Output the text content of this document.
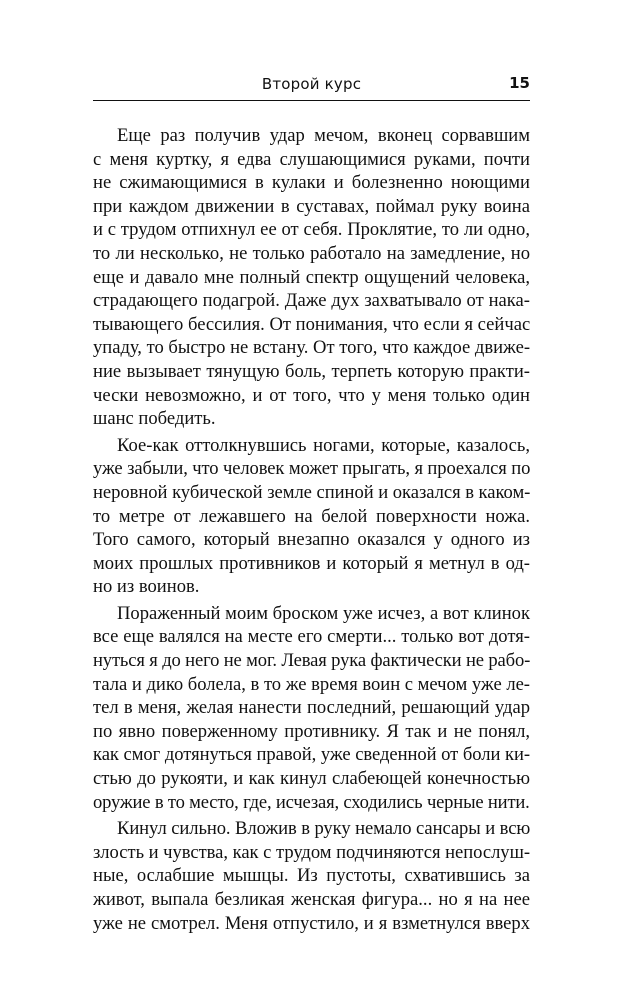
Второй курс	15
Еще раз получив удар мечом, вконец сорвавшим
с меня куртку, я едва слушающимися руками, почти
не сжимающимися в кулаки и болезненно ноющими
при каждом движении в суставах, поймал руку воина
и с трудом отпихнул ее от себя. Проклятие, то ли одно,
то ли несколько, не только работало на замедление, но
еще и давало мне полный спектр ощущений человека,
страдающего подагрой. Даже дух захватывало от нака-
тывающего бессилия. От понимания, что если я сейчас
упаду, то быстро не встану. От того, что каждое движе-
ние вызывает тянущую боль, терпеть которую практи-
чески невозможно, и от того, что у меня только один
шанс победить.
Кое-как оттолкнувшись ногами, которые, казалось,
уже забыли, что человек может прыгать, я проехался по
неровной кубической земле спиной и оказался в каком-
то метре от лежавшего на белой поверхности ножа.
Того самого, который внезапно оказался у одного из
моих прошлых противников и который я метнул в од-
но из воинов.
Пораженный моим броском уже исчез, а вот клинок
все еще валялся на месте его смерти... только вот дотя-
нуться я до него не мог. Левая рука фактически не рабо-
тала и дико болела, в то же время воин с мечом уже ле-
тел в меня, желая нанести последний, решающий удар
по явно поверженному противнику. Я так и не понял,
как смог дотянуться правой, уже сведенной от боли ки-
стью до рукояти, и как кинул слабеющей конечностью
оружие в то место, где, исчезая, сходились черные нити.
Кинул сильно. Вложив в руку немало сансары и всю
злость и чувства, как с трудом подчиняются непослуш-
ные, ослабшие мышцы. Из пустоты, схватившись за
живот, выпала безликая женская фигура... но я на нее
уже не смотрел. Меня отпустило, и я взметнулся вверх
